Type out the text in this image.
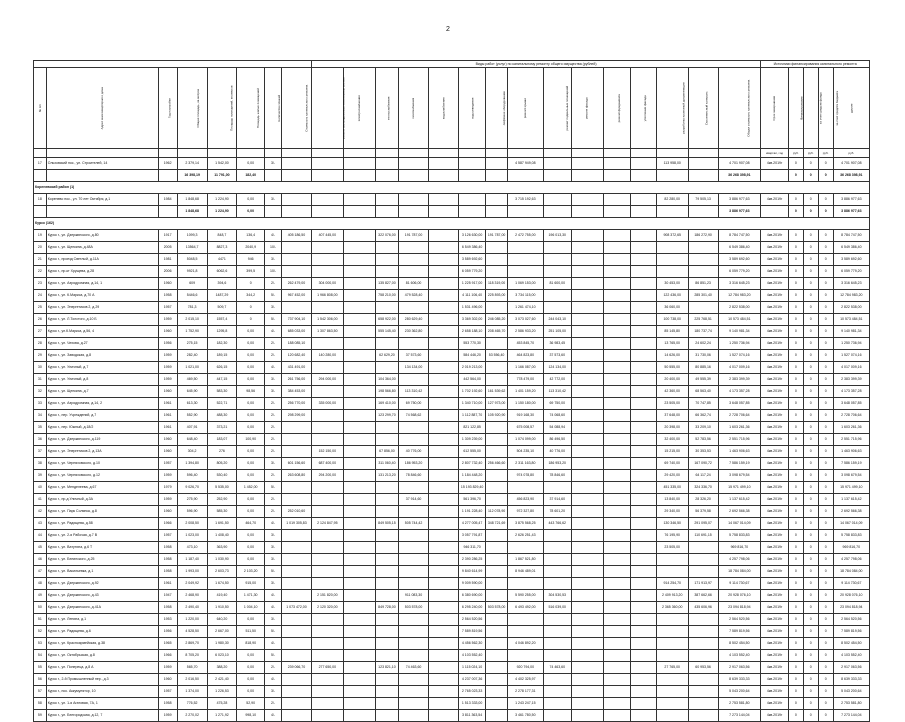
2
								Виды работ (услуг) по капитальному ремонту общего имущества (рублей)															Источники финансирования капитального ремонта				
№ п/п	Адрес многоквартирного дома	Год постройки	Общая площадь, кв.метров	Площадь помещений, кв.метров	Площадь жилых помещений	Количество этажей	Стоимость капитального ремонта	ремонт внутридомовых инженерных систем	электроснабжения	теплоснабжения	газоснабжения	водоснабжения	водоотведения	лифтовое оборудование	ремонт крыши	ремонт подвальных помещений	ремонт фасада	ремонт фундамента	утепление фасада	разработка проектной документации	Строительный контроль	Общая стоимость капитального ремонта	Срок завершения	Финансирование	за счет средств фонда	за счет средств бюджета	другие
																							квартал, год	руб.	руб.	руб.	руб.
17	Ольховский пос., ул. Строителей, 14	1962	2 379,14	1 542,00	0,00	3/-									4 587 949,08					113 958,00		4 701 907,08	4кв.2019г	0	0	0	4 701 907,08
			16 398,19	11 791,00	182,40																	36 268 398,91		0	0	0	36 268 398,91
Кореневский район (1)																											
18	Коренево пос., ул. 70 лет Октября, д.1	1984	1 848,68	1 224,90	0,00	3/-									3 715 192,63					82 280,00	79 505,13	3 886 977,63	4кв.2019г	0	0	0	3 886 977,63
			1 848,68	1 224,90	0,00																	3 886 977,63		0	0	0	3 886 977,63
Курск (162)																											
19	Курск г., ул. Дзержинского, д.80	1917	1099,3	848,7	136,4	4/-	405 186,50	407 445,00		322 076,00	191 787,00		3 126 630,00	191 787,00	2 472 755,00	196 013,30				908 372,65	186 272,90	8 784 747,50	4кв.2019г	0	0	0	8 784 747,50
20	Курск г., ул. Щепкина, д.48А	2005	13564,7	8827,3	2040,9	10/-							6 549 386,40									6 549 386,40	4кв.2019г	0	0	0	6 549 386,40
21	Курск г., проезд Светлый, д.11А	1981	5048,5	4471	946	3/-							3 589 692,60									3 589 692,60	4кв.2019г	0	0	0	3 589 692,60
22	Курск г., пр-кт Хрущева, д.28	2006	9921,8	6062,6	399,5	10/-							6 059 779,20									6 059 779,20	4кв.2019г	0	0	0	6 059 779,20
23	Курск г., ул. Аэродромная, д.14, 1	1960	609	394,6	0	2/-	262 479,00	304 000,00		135 827,00	81 606,00		1 225 917,00	118 319,00	1 069 153,00	81 600,00				30 453,00	86 851,23	3 316 645,23	4кв.2019г	0	0	0	3 316 645,23
24	Курск г., ул. К.Маркса, д.70 А	1958	5446,6	1487,29	344,2	5/-	967 452,00	1 966 808,00		758 210,00	479 528,40		4 111 106,40	225 893,00	3 734 115,00					122 436,00	285 301,40	12 784 983,20	4кв.2019г	0	0	0	12 784 983,20
25	Курск г., ул. Энергетиков 2, д.29	1957	781,3	509,7	0	3/-							1 531 496,00		1 261 474,10					36 060,00		2 822 538,00	4кв.2019г	0	0	0	2 822 538,00
26	Курск г., ул. Л.Толстого, д.10 Б	1959	2 015,10	1557,4	0	5/-	737 904,10	1 542 306,00		658 922,00	280 629,40		3 369 302,00	246 085,20	3 073 027,60	244 043,10				100 738,00	225 768,51	10 573 484,51	4кв.2019г	0	0	0	10 573 484,51
27	Курск г., ул.К.Маркса, д.56, 4	1960	1 752,90	1295,8	0,00	4/-	685 033,00	1 307 863,50		555 145,40	230 362,80		2 658 188,10	208 465,70	2 586 933,20	251 105,00				85 145,80	180 737,74	9 140 981,34	4кв.2019г	0	0	0	9 140 981,34
28	Курск г., ул. Чехова, д.27	1956	275,15	182,30	0,00	2/-	188 085,10						553 770,30		453 845,70	36 983,45				13 765,00	24 602,24	1 250 736,94	4кв.2019г	0	0	0	1 250 736,94
29	Курск г., ул. Заводская, д.8	1959	282,40	189,15	0,00	2/-	120 682,40	140 280,00		62 629,20	37 573,60		584 446,20	53 556,40	464 823,80	37 573,60				14 626,00	31 730,06	1 527 074,16	4кв.2019г	0	0	0	1 527 074,16
30	Курск г., ул. Уличный, д.7	1959	1 021,00	626,15	0,00	4/-	431 491,00				134 134,00		2 019 213,00		1 166 087,00	124 134,00				50 555,00	80 885,16	4 017 009,16	4кв.2019г	0	0	0	4 017 009,16
31	Курск г., ул. Уличный, д.8	1959	469,50	447,15	0,00	3/-	261 756,00	294 000,00		104 364,00			442 564,00		778 479,00	42 772,00				20 400,00	49 555,39	2 383 399,39	4кв.2019г	0	0	0	2 383 399,39
32	Курск г., ул. Щепкина, д.7	1960	645,90	583,30	98,56	3/-	384 453,00			198 566,80	113 310,42		1 702 192,60	161 539,62	1 401 159,20	113 310,42				42 360,00	68 563,40	4 173 357,28	4кв.2019г	0	0	0	4 173 357,28
33	Курск г., ул. Аэродромная, д.14, 2	1961	613,30	522,71	0,00	2/-	256 770,00	335 000,00		169 410,00	69 750,00		1 340 710,00	127 973,00	1 150 180,00	69 750,00				23 505,00	70 747,85	3 648 057,85	4кв.2019г	0	0	0	3 648 057,85
34	Курск г., пер. Учреждений, д.7	1961	552,90	488,30	0,00	2/-	298 299,00			123 299,70	74 568,62		1 112 887,70	105 920,90	919 168,30	74 068,60				37 648,00	66 362,74	2 728 706,64	4кв.2019г	0	0	0	2 728 706,64
35	Курск г., пер. Южный, д.18/2	1961	407,91	373,21	0,00	2/-							821 122,85		675 008,57	54 088,94				20 398,00	33 209,10	1 603 261,36	4кв.2019г	0	0	0	1 603 261,36
36	Курск г., ул. Дзержинского, д.119	1960	648,40	183,07	100,90	2/-							1 309 239,00		1 074 099,00	86 496,50				32 400,00	52 783,56	2 551 715,96	4кв.2019г	0	0	0	2 551 715,96
37	Курск г., ул. Энергетиков 2, д.13А	1960	304,2	276	0,00	2/-		152 150,00		67 856,00	40 776,00		612 555,00		504 235,10	40 776,00				15 215,00	30 353,53	1 463 906,63	4кв.2019г	0	0	0	1 463 906,63
38	Курск г., ул. Черняховского, д.10	1957	1 394,80	805,20	0,00	3/-	601 156,60	687 400,00		311 060,40	186 953,20		2 807 732,40	256 466,60	2 311 163,80	186 953,20				69 740,00	167 090,72	7 586 159,19	4кв.2019г	0	0	0	7 586 159,19
39	Курск г., ул. Черняховского, д.12	1959	596,40	530,40	0,00	2/-	263 608,80	294 200,00		131 213,20	78 846,60		1 184 448,20		974 078,80	78 846,60				29 420,00	64 117,24	3 098 679,54	4кв.2019г	0	0	0	3 098 679,54
40	Курск г., ул. Менделеева, д.67	1979	9 026,70	5 535,00	1 452,00	5/-							15 193 829,40							451 335,00	324 336,70	15 971 499,10	4кв.2019г	0	0	0	15 971 499,10
41	Курск г., пр-д Уличный, д.3А	1959	275,90	252,90	0,00	2/-					37 914,60		561 396,70		456 823,90	37 914,60				13 840,00	28 326,20	1 137 615,42	4кв.2019г	0	0	0	1 137 615,42
42	Курск г., ул. Парк Солянка, д.8	1960	596,90	585,30	0,00	2/-	252 010,60						1 191 228,40	112 078,90	972 327,80	78 601,20				29 340,00	56 379,58	2 692 566,38	4кв.2019г	0	0	0	2 692 566,38
43	Курск г., ул. Радищева, д.58	1966	2 008,50	1 691,50	464,70	4/-	1 019 305,83	2 124 847,95		849 505,15	505 744,42		4 277 005,47	348 721,69	3 875 568,25	443 766,62				130 346,50	291 095,07	14 067 014,09	4кв.2019г	0	0	0	14 067 014,09
44	Курск г., ул. 2-я Рабочая, д.7 В	1957	1 023,00	1 408,40	0,00	3/-							3 057 791,87		2 626 251,43					76 195,90	110 691,15	5 758 833,83	4кв.2019г	0	0	0	5 758 833,83
45	Курск г., ул. Ватутина, д.6 Т	1958	473,10	363,90	0,00	3/-							946 311,70							23 505,00		969 816,70	4кв.2019г	0	0	0	969 816,70
46	Курск г., ул. Белинского, д.25	1958	1 187,40	1 030,90	0,00	3/-							2 390 286,25		1 867 521,80							4 257 798,06	4кв.2019г	0	0	0	4 257 798,06
47	Курск г., ул. Васильевка, д.1	1958	1 993,00	2 603,73	2 103,20	5/-							9 840 614,99		8 946 489,01							18 784 084,00	4кв.2019г	0	0	0	18 784 084,00
48	Курск г., ул. Дзержинского, д.92	1961	2 049,92	1 674,50	915,00	3/-							9 009 590,00							914 254,70	171 913,97	9 114 730,67	4кв.2019г	0	0	0	9 114 730,67
49	Курск г., ул. Дзержинского, д.43	1947	2 468,90	419,40	1 471,30	4/-		2 151 820,00			911 083,30		6 380 690,00		5 590 255,00	304 530,53				2 409 913,20	387 662,66	20 928 076,10	4кв.2019г	0	0	0	20 928 076,10
50	Курск г., ул. Дзержинского, д.41А	1958	2 490,40	1 910,50	1 004,10	4/-	1 073 472,00	2 120 320,00		849 728,00	503 578,00		6 295 240,00	503 578,00	6 493 492,00	516 039,00				2 365 360,00	435 606,96	23 094 818,94	4кв.2019г	0	0	0	23 094 818,94
51	Курск г., ул. Ленина, д.1	1953	1 220,00	640,20	0,00	3/-							2 564 520,56									2 564 520,56	4кв.2019г	0	0	0	2 564 520,56
52	Курск г., ул. Радищева, д.6	1956	4 528,50	2 667,00	511,50	5/-							7 589 819,56									7 589 819,56	4кв.2019г	0	0	0	7 589 819,56
53	Курск г., ул. Красноармейская, д.38	1965	2 869,70	1 980,30	818,90	4/-							4 456 562,30		4 046 892,20							8 502 454,50	4кв.2019г	0	0	0	8 502 454,50
54	Курск г., ул. Октябрьская, д.8	1966	8 705,20	6 023,10	0,00	5/-							4 103 552,40									4 103 552,40	4кв.2019г	0	0	0	4 103 552,40
55	Курск г., ул. Попереца, д.8 А	1959	565,70	388,20	0,00	2/-	239 066,70	277 650,00		123 821,10	74 463,60		1 115 024,10		920 794,00	74 463,60				27 765,00	60 953,56	2 917 063,56	4кв.2019г	0	0	0	2 917 063,56
56	Курск г., 2-й Промышленный пер., д.3	1960	2 016,50	2 421,40	0,00	4/-							4 237 007,36		4 402 325,97							8 639 333,33	4кв.2019г	0	0	0	8 639 333,33
57	Курск г., пос. Аккумулятор, 10	1957	1 374,00	1 226,53	0,00	3/-							2 765 023,33		2 278 177,31							5 043 200,64	4кв.2019г	0	0	0	5 043 200,64
58	Курск г., ул. 1-я Агатовая, 7А, 1	1958	776,52	475,28	52,90	2/-							1 513 333,00		1 243 247,15							2 753 581,80	4кв.2019г	0	0	0	2 753 581,80
59	Курск г., ул. Белгородская, д.12, 7	1959	2 270,02	1 271,92	998,10	4/-							3 811 363,54		3 461 780,50							7 273 144,04	4кв.2019г	0	0	0	7 273 144,04
